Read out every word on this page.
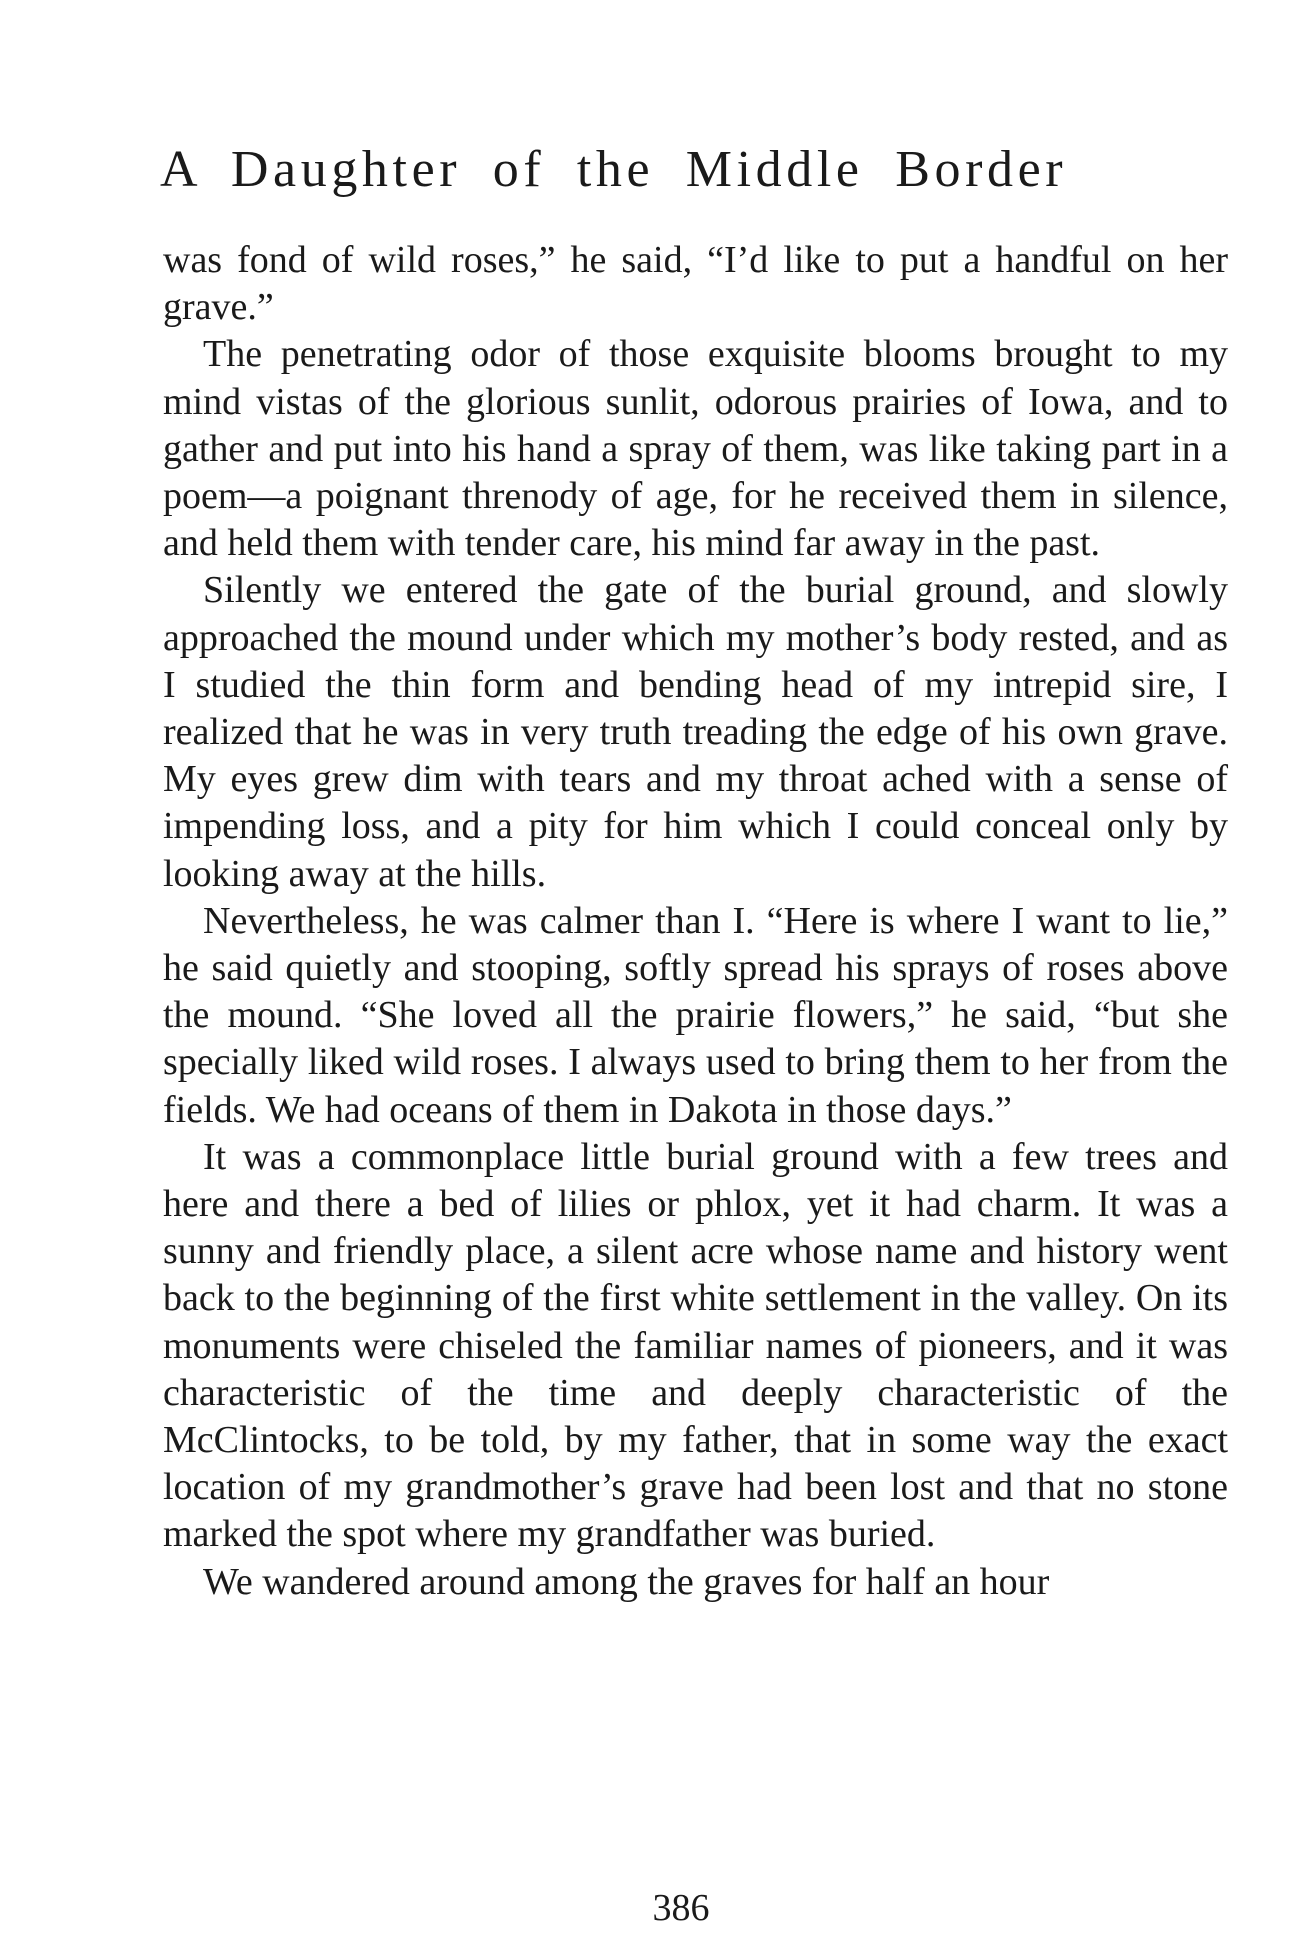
A Daughter of the Middle Border

was fond of wild roses,” he said, “I’d like to put a handful on her grave.”

The penetrating odor of those exquisite blooms brought to my mind vistas of the glorious sunlit, odorous prairies of Iowa, and to gather and put into his hand a spray of them, was like taking part in a poem—a poignant threnody of age, for he received them in silence, and held them with tender care, his mind far away in the past.

Silently we entered the gate of the burial ground, and slowly approached the mound under which my mother’s body rested, and as I studied the thin form and bending head of my intrepid sire, I realized that he was in very truth treading the edge of his own grave. My eyes grew dim with tears and my throat ached with a sense of impending loss, and a pity for him which I could conceal only by looking away at the hills.

Nevertheless, he was calmer than I. “Here is where I want to lie,” he said quietly and stooping, softly spread his sprays of roses above the mound. “She loved all the prairie flowers,” he said, “but she specially liked wild roses. I always used to bring them to her from the fields. We had oceans of them in Dakota in those days.”

It was a commonplace little burial ground with a few trees and here and there a bed of lilies or phlox, yet it had charm. It was a sunny and friendly place, a silent acre whose name and history went back to the beginning of the first white settlement in the valley. On its monuments were chiseled the familiar names of pioneers, and it was characteristic of the time and deeply characteristic of the McClintocks, to be told, by my father, that in some way the exact location of my grandmother’s grave had been lost and that no stone marked the spot where my grandfather was buried.

We wandered around among the graves for half an hour

386
